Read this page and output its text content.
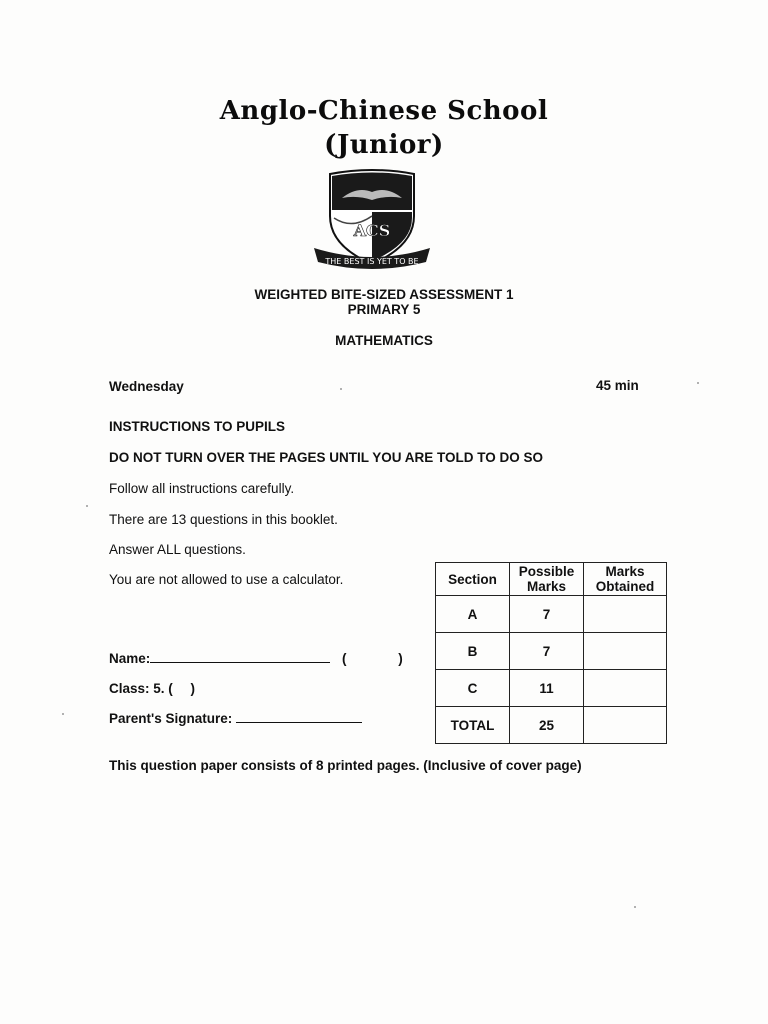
Anglo-Chinese School
(Junior)
ACS
THE BEST IS YET TO BE
WEIGHTED BITE-SIZED ASSESSMENT 1
PRIMARY 5
MATHEMATICS
Wednesday	45 min
INSTRUCTIONS TO PUPILS
DO NOT TURN OVER THE PAGES UNTIL YOU ARE TOLD TO DO SO
Follow all instructions carefully.
There are 13 questions in this booklet.
Answer ALL questions.
You are not allowed to use a calculator.
Name:	(	)
Class: 5. ( )
Parent's Signature:
Section	Possible Marks	Marks Obtained
A	7	
B	7	
C	11	
TOTAL	25	
This question paper consists of 8 printed pages. (Inclusive of cover page)
